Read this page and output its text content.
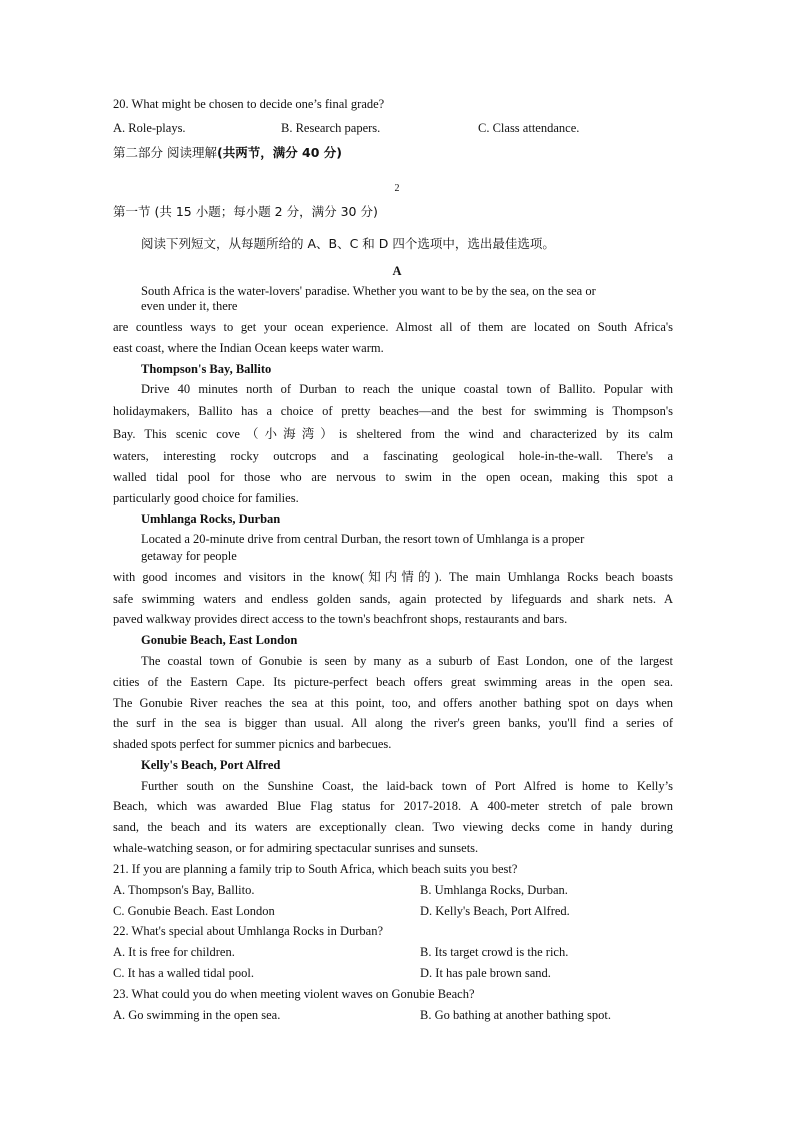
20. What might be chosen to decide one’s final grade?
A. Role-plays.	B. Research papers.	C. Class attendance.
第二部分 阅读理解(共两节，满分 40 分)
2
第一节 (共 15 小题；每小题 2 分，满分 30 分)
阅读下列短文，从每题所给的 A、B、C 和 D 四个选项中，选出最佳选项。
A
South Africa is the water-lovers' paradise. Whether you want to be by the sea, on the sea or
even under it, there
are countless ways to get your ocean experience. Almost all of them are located on South Africa's
east coast, where the Indian Ocean keeps water warm.
Thompson's Bay, Ballito
Drive 40 minutes north of Durban to reach the unique coastal town of Ballito. Popular with
holidaymakers, Ballito has a choice of pretty beaches—and the best for swimming is Thompson's
Bay. This scenic cove（小海湾）is sheltered from the wind and characterized by its calm
waters, interesting rocky outcrops and a fascinating geological hole-in-the-wall. There's a
walled tidal pool for those who are nervous to swim in the open ocean, making this spot a
particularly good choice for families.
Umhlanga Rocks, Durban
Located a 20-minute drive from central Durban, the resort town of Umhlanga is a proper
getaway for people
with good incomes and visitors in the know(知内情的). The main Umhlanga Rocks beach boasts
safe swimming waters and endless golden sands, again protected by lifeguards and shark nets. A
paved walkway provides direct access to the town's beachfront shops, restaurants and bars.
Gonubie Beach, East London
The coastal town of Gonubie is seen by many as a suburb of East London, one of the largest
cities of the Eastern Cape. Its picture-perfect beach offers great swimming areas in the open sea.
The Gonubie River reaches the sea at this point, too, and offers another bathing spot on days when
the surf in the sea is bigger than usual. All along the river's green banks, you'll find a series of
shaded spots perfect for summer picnics and barbecues.
Kelly's Beach, Port Alfred
Further south on the Sunshine Coast, the laid-back town of Port Alfred is home to Kelly’s
Beach, which was awarded Blue Flag status for 2017-2018. A 400-meter stretch of pale brown
sand, the beach and its waters are exceptionally clean. Two viewing decks come in handy during
whale-watching season, or for admiring spectacular sunrises and sunsets.
21. If you are planning a family trip to South Africa, which beach suits you best?
A. Thompson's Bay, Ballito.	B. Umhlanga Rocks, Durban.
C. Gonubie Beach. East London	D. Kelly's Beach, Port Alfred.
22. What's special about Umhlanga Rocks in Durban?
A. It is free for children.	B. Its target crowd is the rich.
C. It has a walled tidal pool.	D. It has pale brown sand.
23. What could you do when meeting violent waves on Gonubie Beach?
A. Go swimming in the open sea.	B. Go bathing at another bathing spot.
